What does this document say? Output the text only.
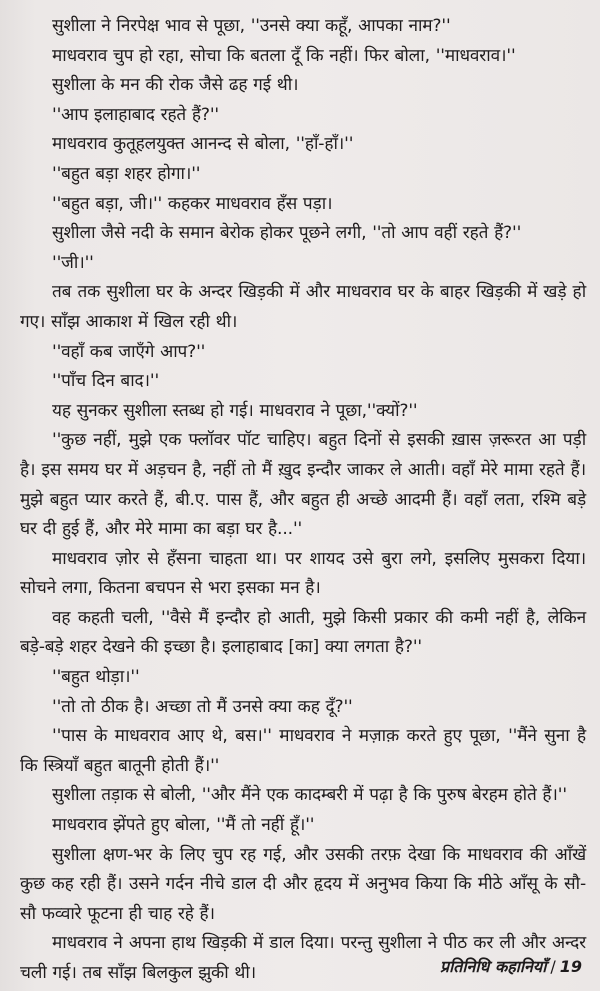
सुशीला ने निरपेक्ष भाव से पूछा, ''उनसे क्या कहूँ, आपका नाम?''

माधवराव चुप हो रहा, सोचा कि बतला दूँ कि नहीं। फिर बोला, ''माधवराव।''

सुशीला के मन की रोक जैसे ढह गई थी।

''आप इलाहाबाद रहते हैं?''

माधवराव कुतूहलयुक्त आनन्द से बोला, ''हाँ-हाँ।''

''बहुत बड़ा शहर होगा।''

''बहुत बड़ा, जी।'' कहकर माधवराव हँस पड़ा।

सुशीला जैसे नदी के समान बेरोक होकर पूछने लगी, ''तो आप वहीं रहते हैं?''

''जी।''

तब तक सुशीला घर के अन्दर खिड़की में और माधवराव घर के बाहर खिड़की में खड़े हो गए। साँझ आकाश में खिल रही थी।

''वहाँ कब जाएँगे आप?''

''पाँच दिन बाद।''

यह सुनकर सुशीला स्तब्ध हो गई। माधवराव ने पूछा,''क्यों?''

''कुछ नहीं, मुझे एक फ्लॉवर पॉट चाहिए। बहुत दिनों से इसकी ख़ास ज़रूरत आ पड़ी है। इस समय घर में अड़चन है, नहीं तो मैं ख़ुद इन्दौर जाकर ले आती। वहाँ मेरे मामा रहते हैं। मुझे बहुत प्यार करते हैं, बी.ए. पास हैं, और बहुत ही अच्छे आदमी हैं। वहाँ लता, रश्मि बड़े घर दी हुई हैं, और मेरे मामा का बड़ा घर है...''

माधवराव ज़ोर से हँसना चाहता था। पर शायद उसे बुरा लगे, इसलिए मुसकरा दिया। सोचने लगा, कितना बचपन से भरा इसका मन है।

वह कहती चली, ''वैसे मैं इन्दौर हो आती, मुझे किसी प्रकार की कमी नहीं है, लेकिन बड़े-बड़े शहर देखने की इच्छा है। इलाहाबाद [का] क्या लगता है?''

''बहुत थोड़ा।''

''तो तो ठीक है। अच्छा तो मैं उनसे क्या कह दूँ?''

''पास के माधवराव आए थे, बस।'' माधवराव ने मज़ाक़ करते हुए पूछा, ''मैंने सुना है कि स्त्रियाँ बहुत बातूनी होती हैं।''

सुशीला तड़ाक से बोली, ''और मैंने एक कादम्बरी में पढ़ा है कि पुरुष बेरहम होते हैं।''

माधवराव झेंपते हुए बोला, ''मैं तो नहीं हूँ।''

सुशीला क्षण-भर के लिए चुप रह गई, और उसकी तरफ़ देखा कि माधवराव की आँखें कुछ कह रही हैं। उसने गर्दन नीचे डाल दी और हृदय में अनुभव किया कि मीठे आँसू के सौ-सौ फव्वारे फूटना ही चाह रहे हैं।

माधवराव ने अपना हाथ खिड़की में डाल दिया। परन्तु सुशीला ने पीठ कर ली और अन्दर चली गई। तब साँझ बिलकुल झुकी थी।	प्रतिनिधि कहानियाँ / 19
